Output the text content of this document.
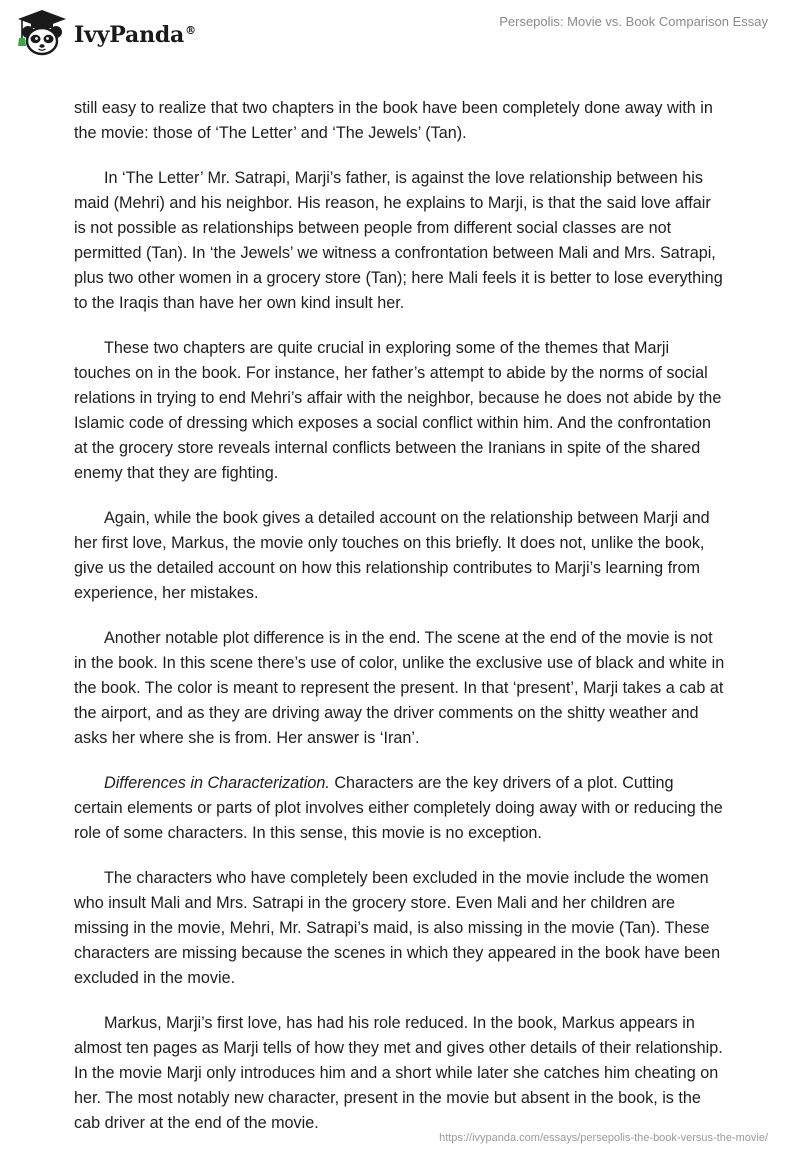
IvyPanda®
Persepolis: Movie vs. Book Comparison Essay

still easy to realize that two chapters in the book have been completely done away with in the movie: those of ‘The Letter’ and ‘The Jewels’ (Tan).

In ‘The Letter’ Mr. Satrapi, Marji’s father, is against the love relationship between his maid (Mehri) and his neighbor. His reason, he explains to Marji, is that the said love affair is not possible as relationships between people from different social classes are not permitted (Tan). In ‘the Jewels’ we witness a confrontation between Mali and Mrs. Satrapi, plus two other women in a grocery store (Tan); here Mali feels it is better to lose everything to the Iraqis than have her own kind insult her.

These two chapters are quite crucial in exploring some of the themes that Marji touches on in the book. For instance, her father’s attempt to abide by the norms of social relations in trying to end Mehri’s affair with the neighbor, because he does not abide by the Islamic code of dressing which exposes a social conflict within him. And the confrontation at the grocery store reveals internal conflicts between the Iranians in spite of the shared enemy that they are fighting.

Again, while the book gives a detailed account on the relationship between Marji and her first love, Markus, the movie only touches on this briefly. It does not, unlike the book, give us the detailed account on how this relationship contributes to Marji’s learning from experience, her mistakes.

Another notable plot difference is in the end. The scene at the end of the movie is not in the book. In this scene there’s use of color, unlike the exclusive use of black and white in the book. The color is meant to represent the present. In that ‘present’, Marji takes a cab at the airport, and as they are driving away the driver comments on the shitty weather and asks her where she is from. Her answer is ‘Iran’.

Differences in Characterization. Characters are the key drivers of a plot. Cutting certain elements or parts of plot involves either completely doing away with or reducing the role of some characters. In this sense, this movie is no exception.

The characters who have completely been excluded in the movie include the women who insult Mali and Mrs. Satrapi in the grocery store. Even Mali and her children are missing in the movie, Mehri, Mr. Satrapi’s maid, is also missing in the movie (Tan). These characters are missing because the scenes in which they appeared in the book have been excluded in the movie.

Markus, Marji’s first love, has had his role reduced. In the book, Markus appears in almost ten pages as Marji tells of how they met and gives other details of their relationship. In the movie Marji only introduces him and a short while later she catches him cheating on her. The most notably new character, present in the movie but absent in the book, is the cab driver at the end of the movie.

https://ivypanda.com/essays/persepolis-the-book-versus-the-movie/
